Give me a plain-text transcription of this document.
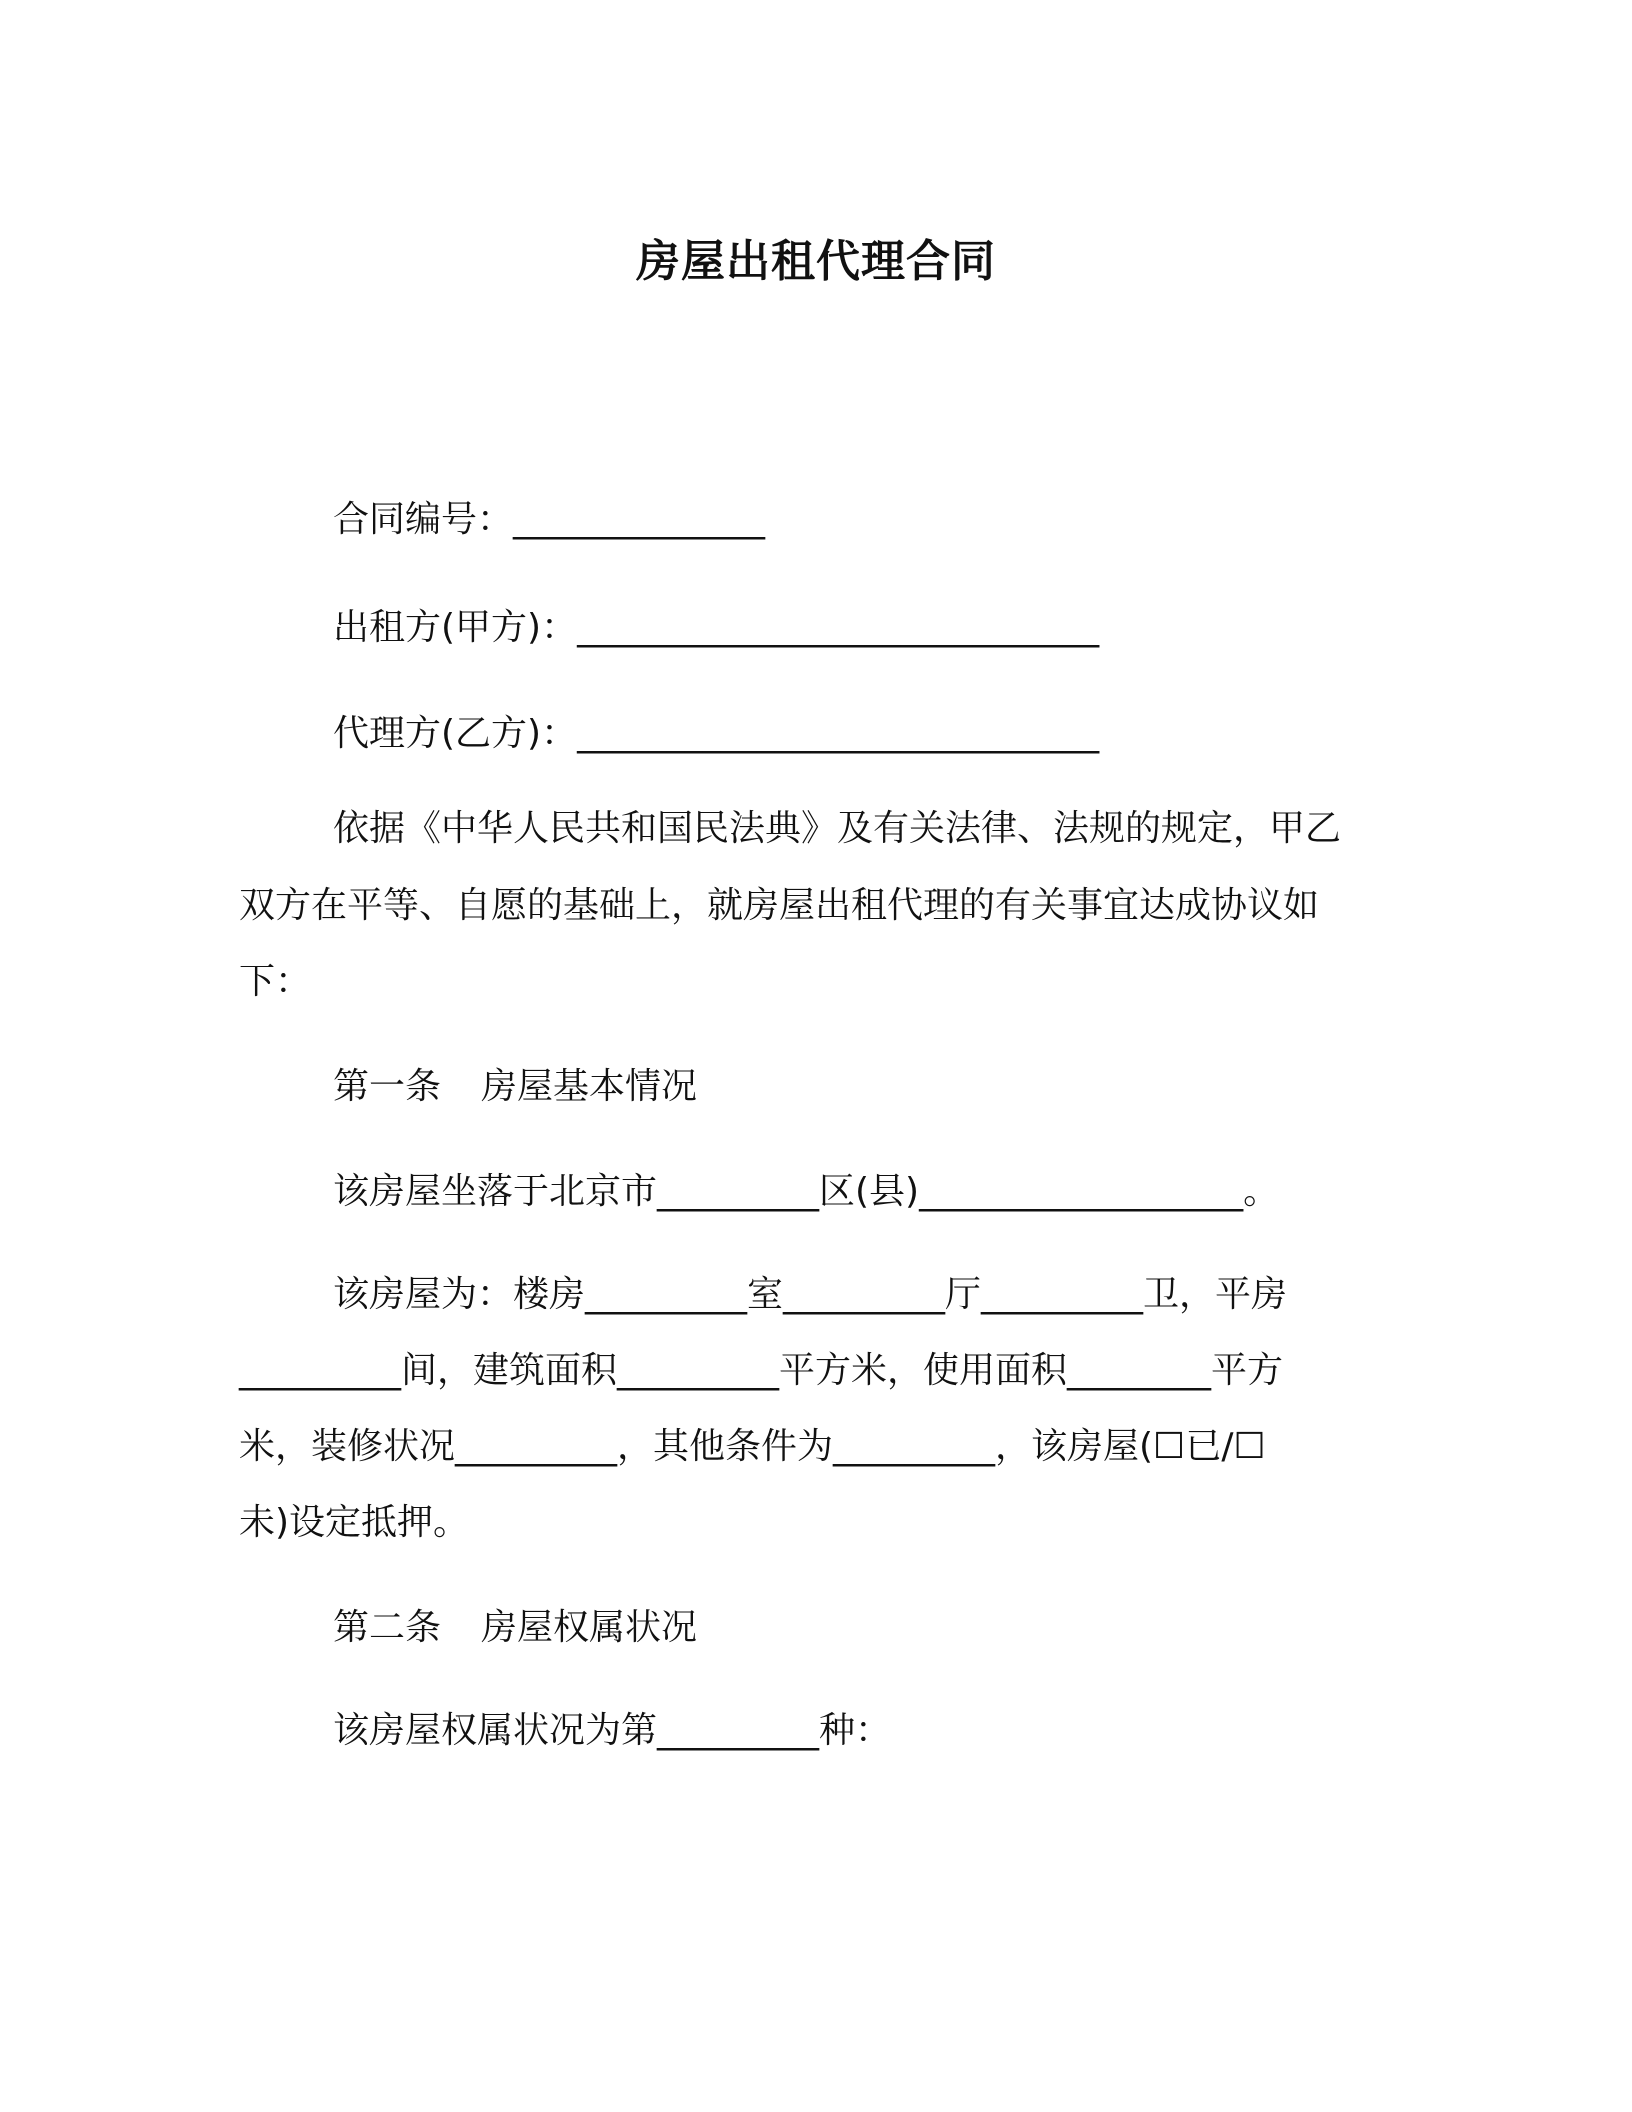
房屋出租代理合同
合同编号：______________
出租方(甲方)：_____________________________
代理方(乙方)：_____________________________
依据《中华人民共和国民法典》及有关法律、法规的规定，甲乙
双方在平等、自愿的基础上，就房屋出租代理的有关事宜达成协议如
下：
第一条 房屋基本情况
该房屋坐落于北京市_________区(县)__________________。
该房屋为：楼房_________室_________厅_________卫，平房
_________间，建筑面积_________平方米，使用面积________平方
米，装修状况_________，其他条件为_________，该房屋(☐已/☐
未)设定抵押。
第二条 房屋权属状况
该房屋权属状况为第_________种：
